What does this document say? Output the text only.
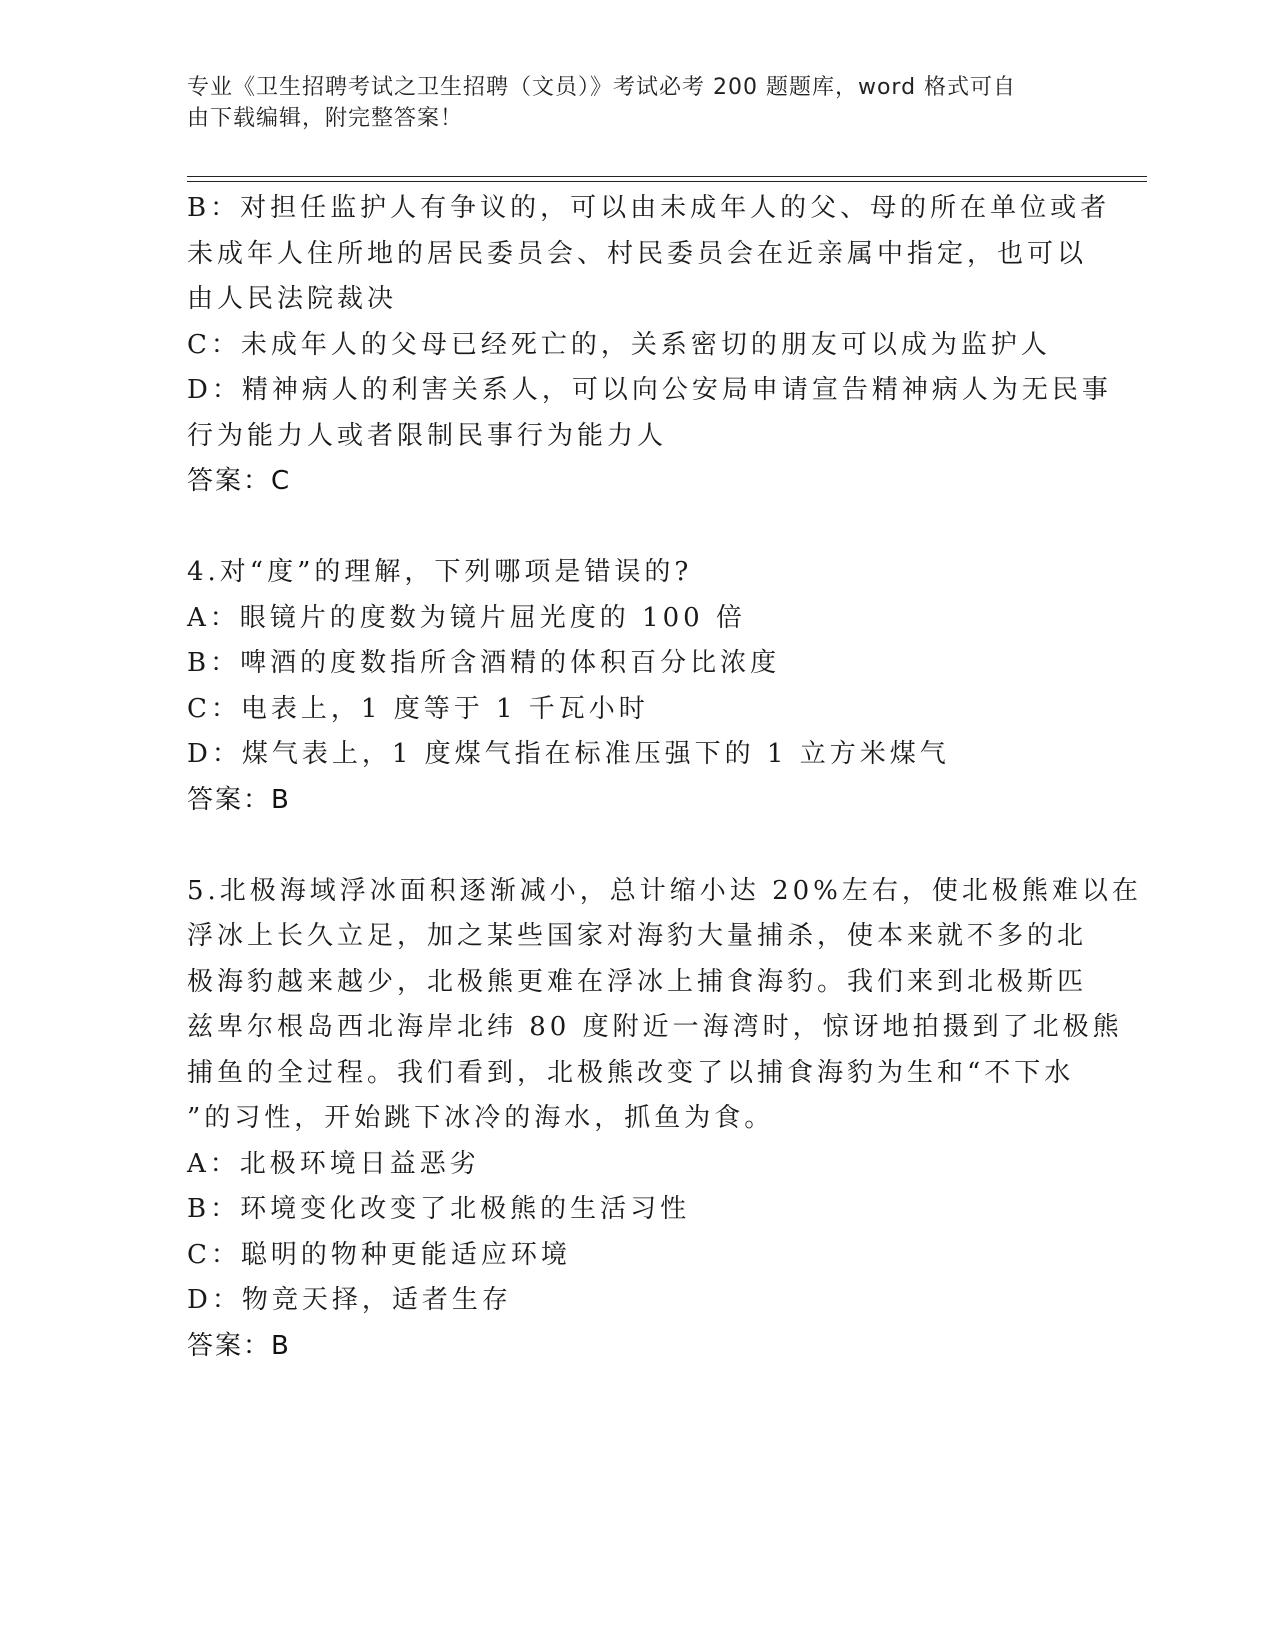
专业《卫生招聘考试之卫生招聘（文员）》考试必考 200 题题库，word 格式可自
由下载编辑，附完整答案！
B：对担任监护人有争议的，可以由未成年人的父、母的所在单位或者
未成年人住所地的居民委员会、村民委员会在近亲属中指定，也可以
由人民法院裁决
C：未成年人的父母已经死亡的，关系密切的朋友可以成为监护人
D：精神病人的利害关系人，可以向公安局申请宣告精神病人为无民事
行为能力人或者限制民事行为能力人
答案：C
4.对“度”的理解，下列哪项是错误的?
A：眼镜片的度数为镜片屈光度的 100 倍
B：啤酒的度数指所含酒精的体积百分比浓度
C：电表上，1 度等于 1 千瓦小时
D：煤气表上，1 度煤气指在标准压强下的 1 立方米煤气
答案：B
5.北极海域浮冰面积逐渐减小，总计缩小达 20%左右，使北极熊难以在
浮冰上长久立足，加之某些国家对海豹大量捕杀，使本来就不多的北
极海豹越来越少，北极熊更难在浮冰上捕食海豹。我们来到北极斯匹
兹卑尔根岛西北海岸北纬 80 度附近一海湾时，惊讶地拍摄到了北极熊
捕鱼的全过程。我们看到，北极熊改变了以捕食海豹为生和“不下水
”的习性，开始跳下冰冷的海水，抓鱼为食。
A：北极环境日益恶劣
B：环境变化改变了北极熊的生活习性
C：聪明的物种更能适应环境
D：物竞天择，适者生存
答案：B
